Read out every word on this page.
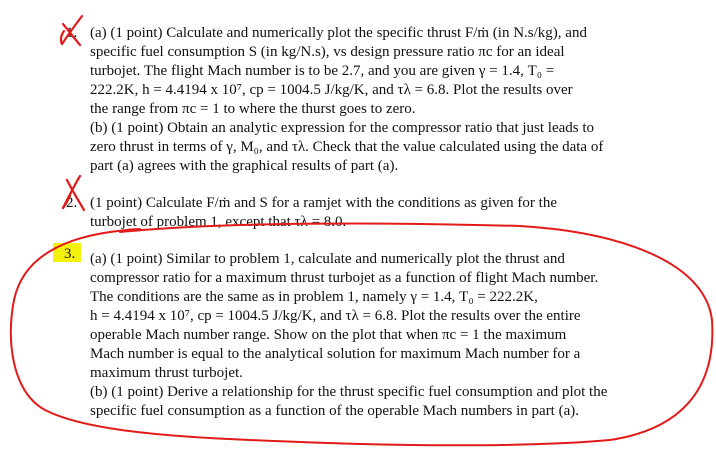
1. (a) (1 point) Calculate and numerically plot the specific thrust F/ṁ (in N.s/kg), and
specific fuel consumption S (in kg/N.s), vs design pressure ratio πc for an ideal
turbojet. The flight Mach number is to be 2.7, and you are given γ = 1.4, T₀ =
222.2K, h = 4.4194 x 10⁷, cp = 1004.5 J/kg/K, and τλ = 6.8. Plot the results over
the range from πc = 1 to where the thurst goes to zero.
(b) (1 point) Obtain an analytic expression for the compressor ratio that just leads to
zero thrust in terms of γ, M₀, and τλ. Check that the value calculated using the data of
part (a) agrees with the graphical results of part (a).
2. (1 point) Calculate F/ṁ and S for a ramjet with the conditions as given for the
turbojet of problem 1, except that τλ = 8.0.
3. (a) (1 point) Similar to problem 1, calculate and numerically plot the thrust and
compressor ratio for a maximum thrust turbojet as a function of flight Mach number.
The conditions are the same as in problem 1, namely γ = 1.4, T₀ = 222.2K,
h = 4.4194 x 10⁷, cp = 1004.5 J/kg/K, and τλ = 6.8. Plot the results over the entire
operable Mach number range. Show on the plot that when πc = 1 the maximum
Mach number is equal to the analytical solution for maximum Mach number for a
maximum thrust turbojet.
(b) (1 point) Derive a relationship for the thrust specific fuel consumption and plot the
specific fuel consumption as a function of the operable Mach numbers in part (a).
